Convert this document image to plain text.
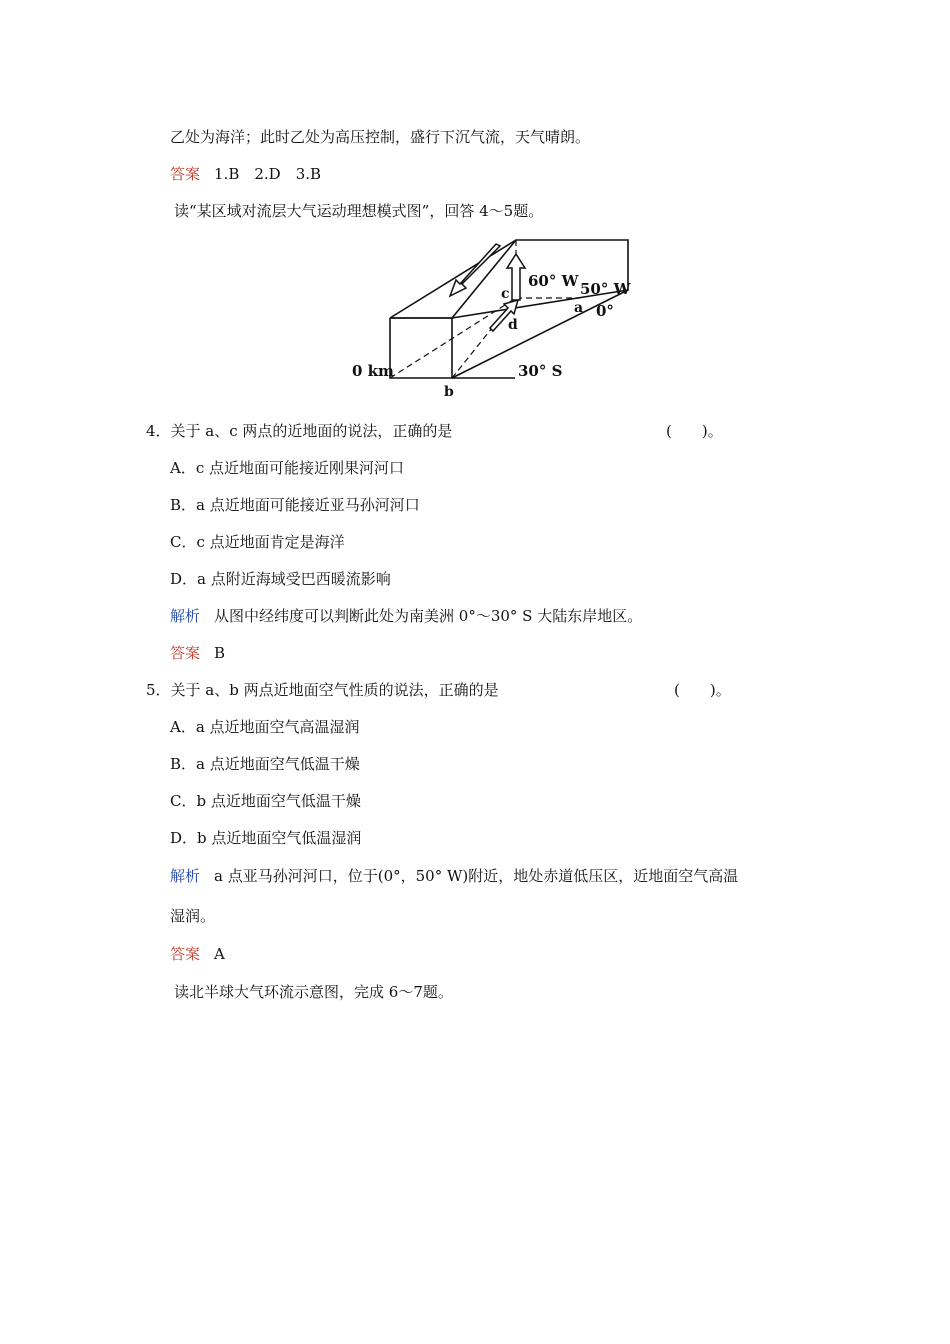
乙处为海洋；此时乙处为高压控制，盛行下沉气流，天气晴朗。
答案 1.B　2.D　3.B
读“某区域对流层大气运动理想模式图”，回答 4～5题。
60° W 50° W
0°
a
c
d
0 km
b
30° S
4．关于 a、c 两点的近地面的说法，正确的是	(　　)。
A．c 点近地面可能接近刚果河河口
B．a 点近地面可能接近亚马孙河河口
C．c 点近地面肯定是海洋
D．a 点附近海域受巴西暖流影响
解析 从图中经纬度可以判断此处为南美洲 0°～30° S 大陆东岸地区。
答案 B
5．关于 a、b 两点近地面空气性质的说法，正确的是	(　　)。
A．a 点近地面空气高温湿润
B．a 点近地面空气低温干燥
C．b 点近地面空气低温干燥
D．b 点近地面空气低温湿润
解析 a 点亚马孙河河口，位于(0°，50° W)附近，地处赤道低压区，近地面空气高温
湿润。
答案 A
读北半球大气环流示意图，完成 6～7题。
